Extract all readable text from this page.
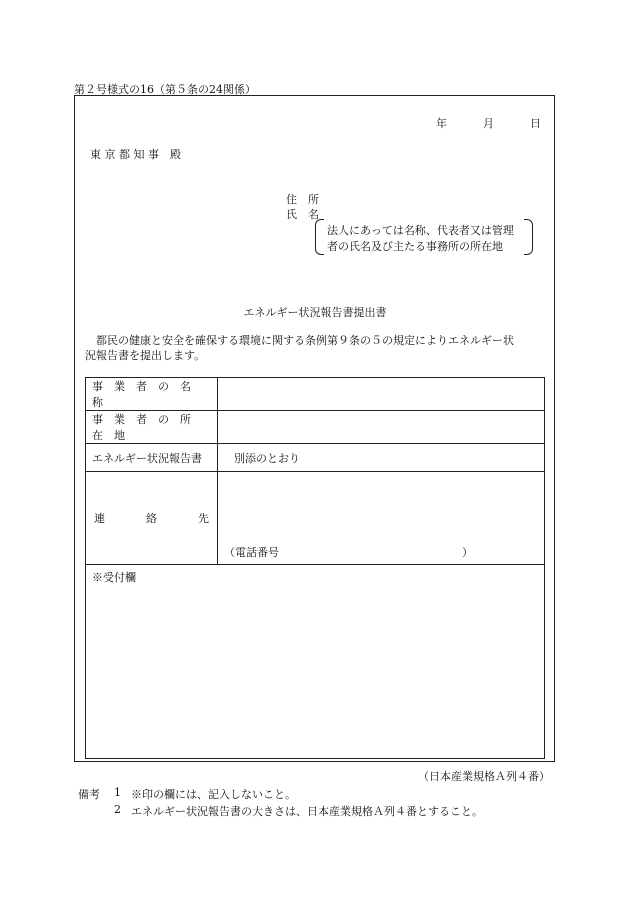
第２号様式の16（第５条の24関係）
年	月	日
東 京 都 知 事　殿
住　所
氏　名
法人にあっては名称、代表者又は管理
者の氏名及び主たる事務所の所在地
エネルギー状況報告書提出書
都民の健康と安全を確保する環境に関する条例第９条の５の規定によりエネルギー状
況報告書を提出します。
事　業　者　の　名　称	
事　業　者　の　所　在　地	
エネルギー状況報告書	別添のとおり

連 絡 先	（電話番号 ）

※受付欄	
（日本産業規格Ａ列４番）
備考 1 ※印の欄には、記入しないこと。
2 エネルギー状況報告書の大きさは、日本産業規格Ａ列４番とすること。
